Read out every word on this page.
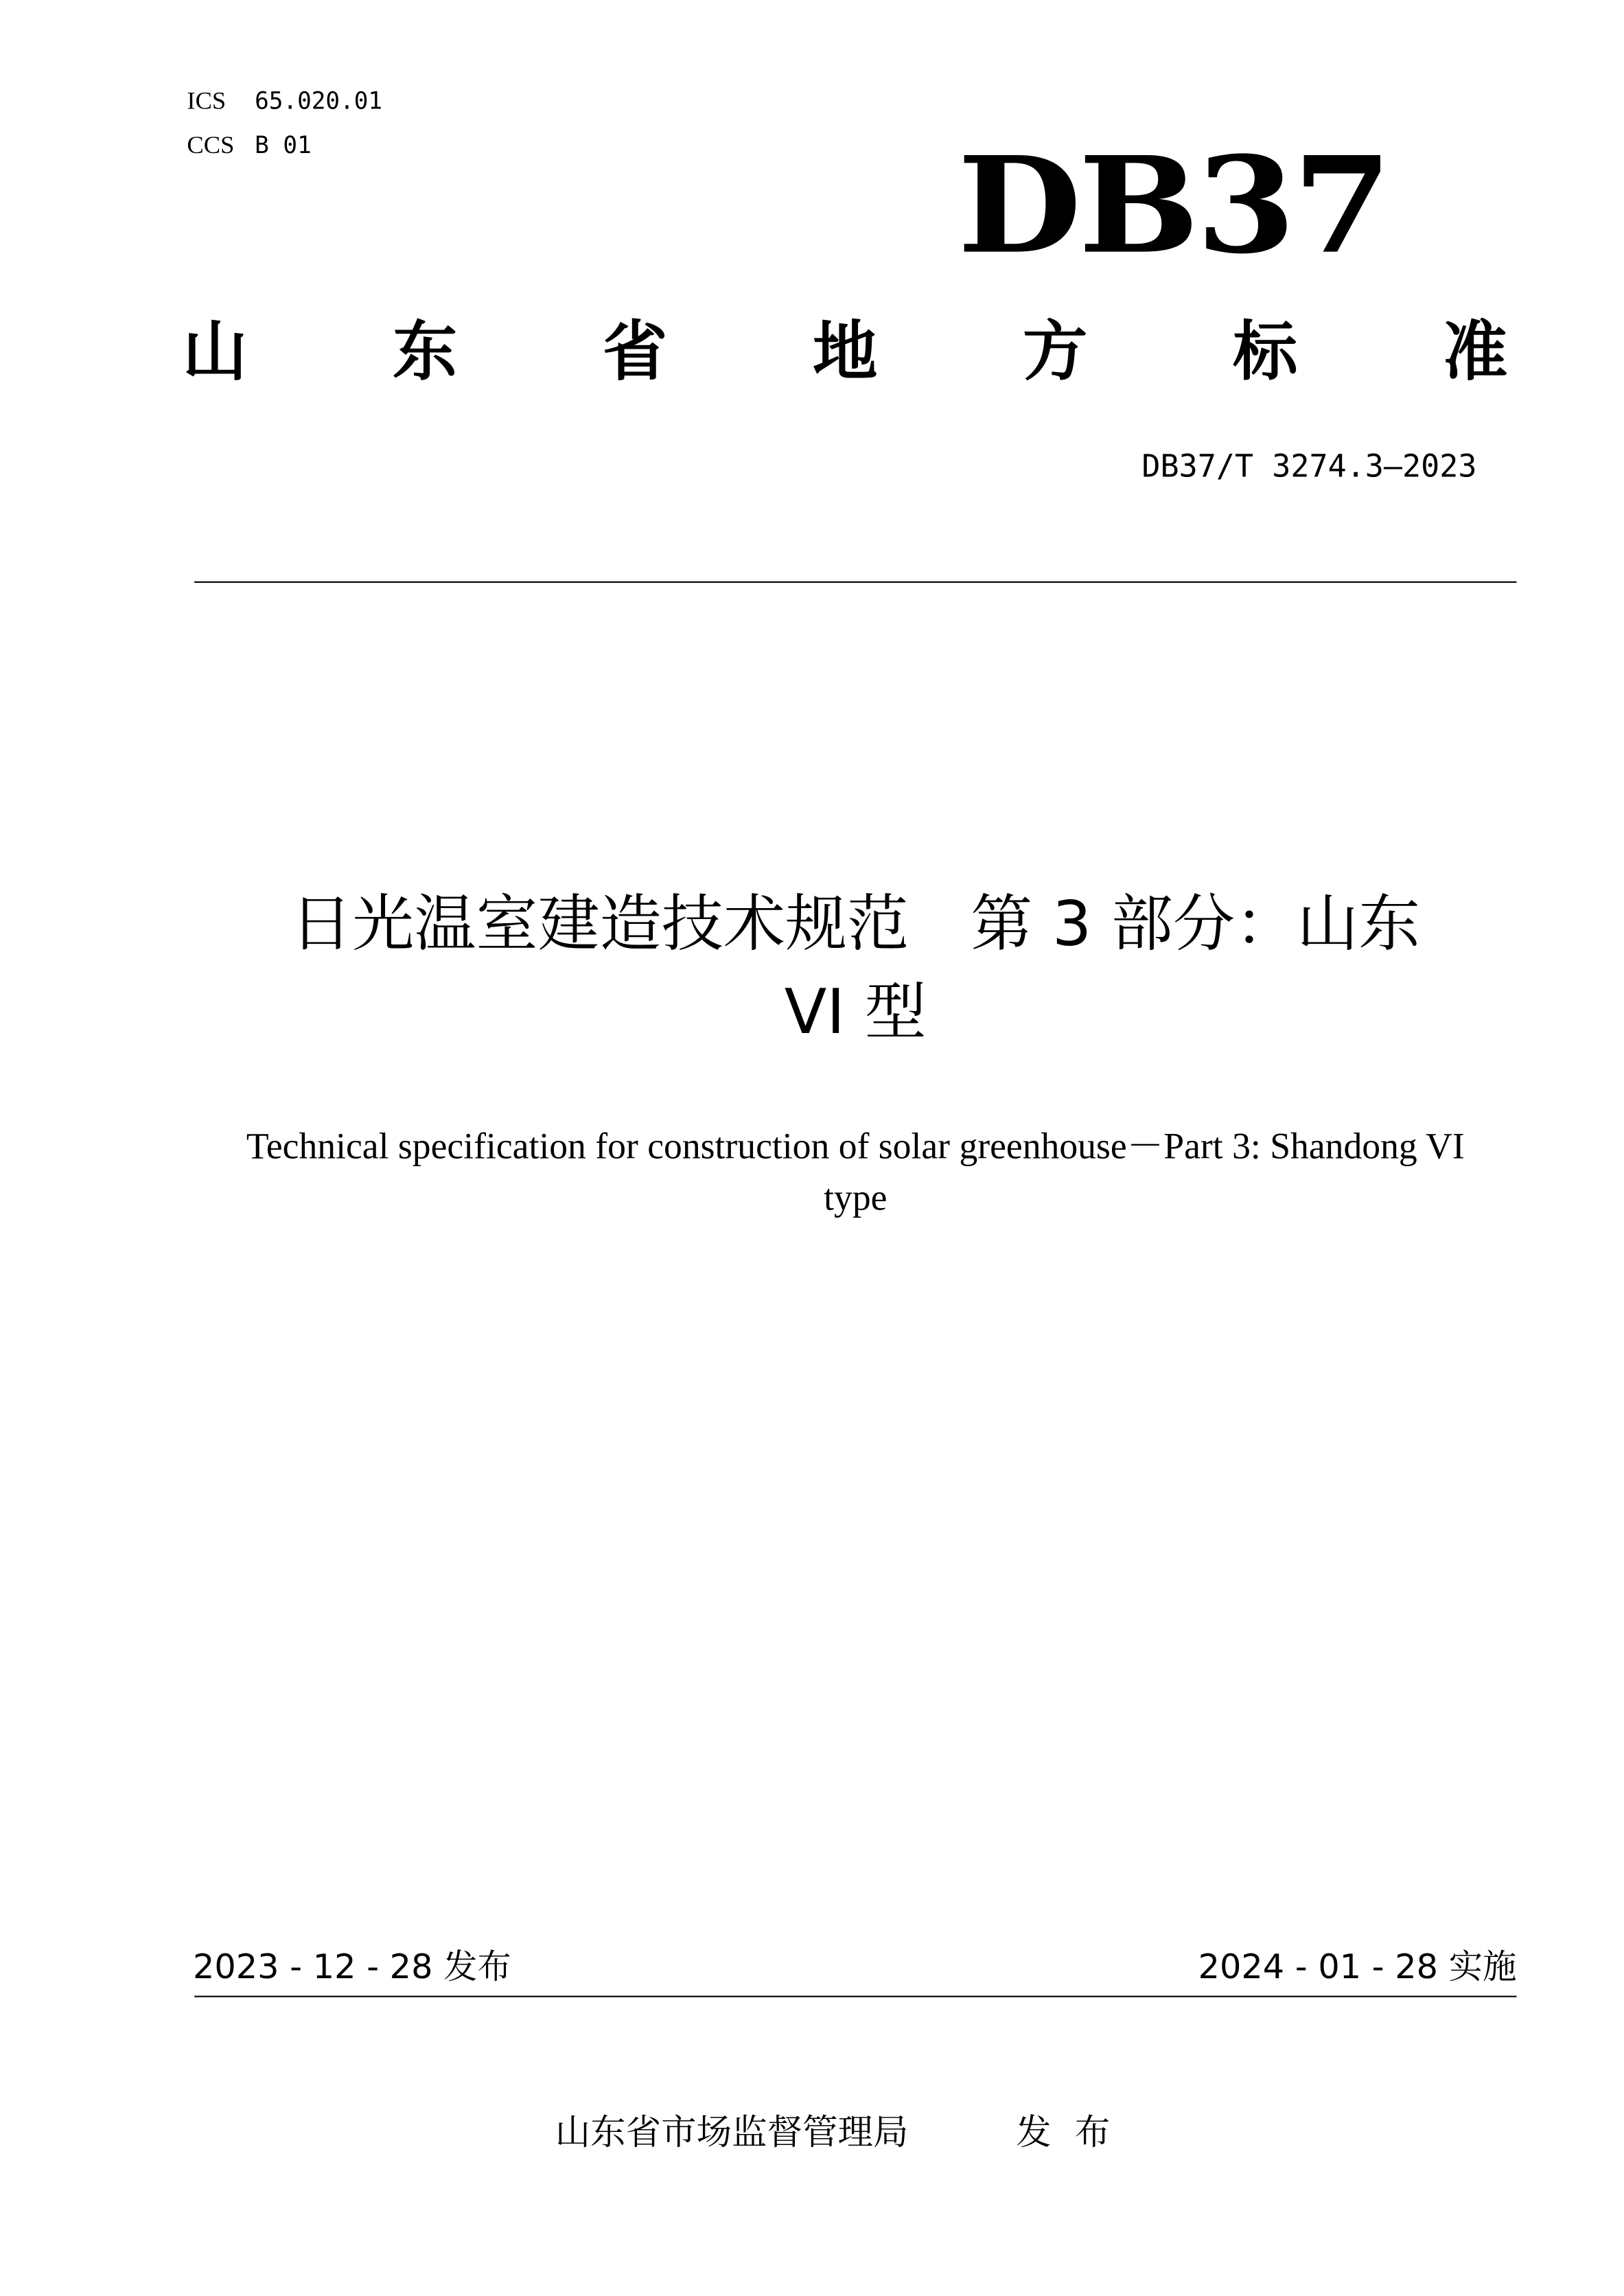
ICS	65.020.01
CCS B 01	DB37
山	东	省	地	方	标	准
DB37/T 3274.3—2023
日光温室建造技术规范　第 3 部分：山东
VI 型
Technical specification for construction of solar greenhouse－Part 3: Shandong VI
type
2023 - 12 - 28 发布	2024 - 01 - 28 实施
山东省市场监督管理局	发布
